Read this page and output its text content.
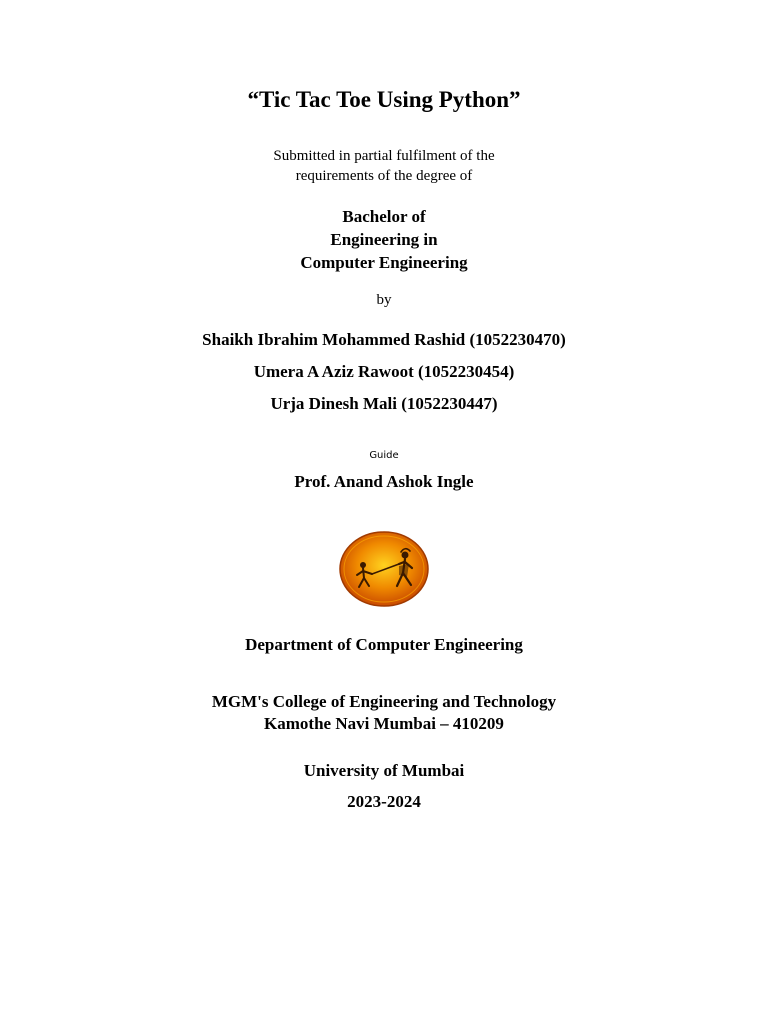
“Tic Tac Toe Using Python”
Submitted in partial fulfilment of the
requirements of the degree of
Bachelor of
Engineering in
Computer Engineering
by
Shaikh Ibrahim Mohammed Rashid (1052230470)
Umera A Aziz Rawoot (1052230454)
Urja Dinesh Mali (1052230447)
Guide
Prof. Anand Ashok Ingle
Department of Computer Engineering
MGM's College of Engineering and Technology
Kamothe Navi Mumbai – 410209
University of Mumbai
2023-2024
